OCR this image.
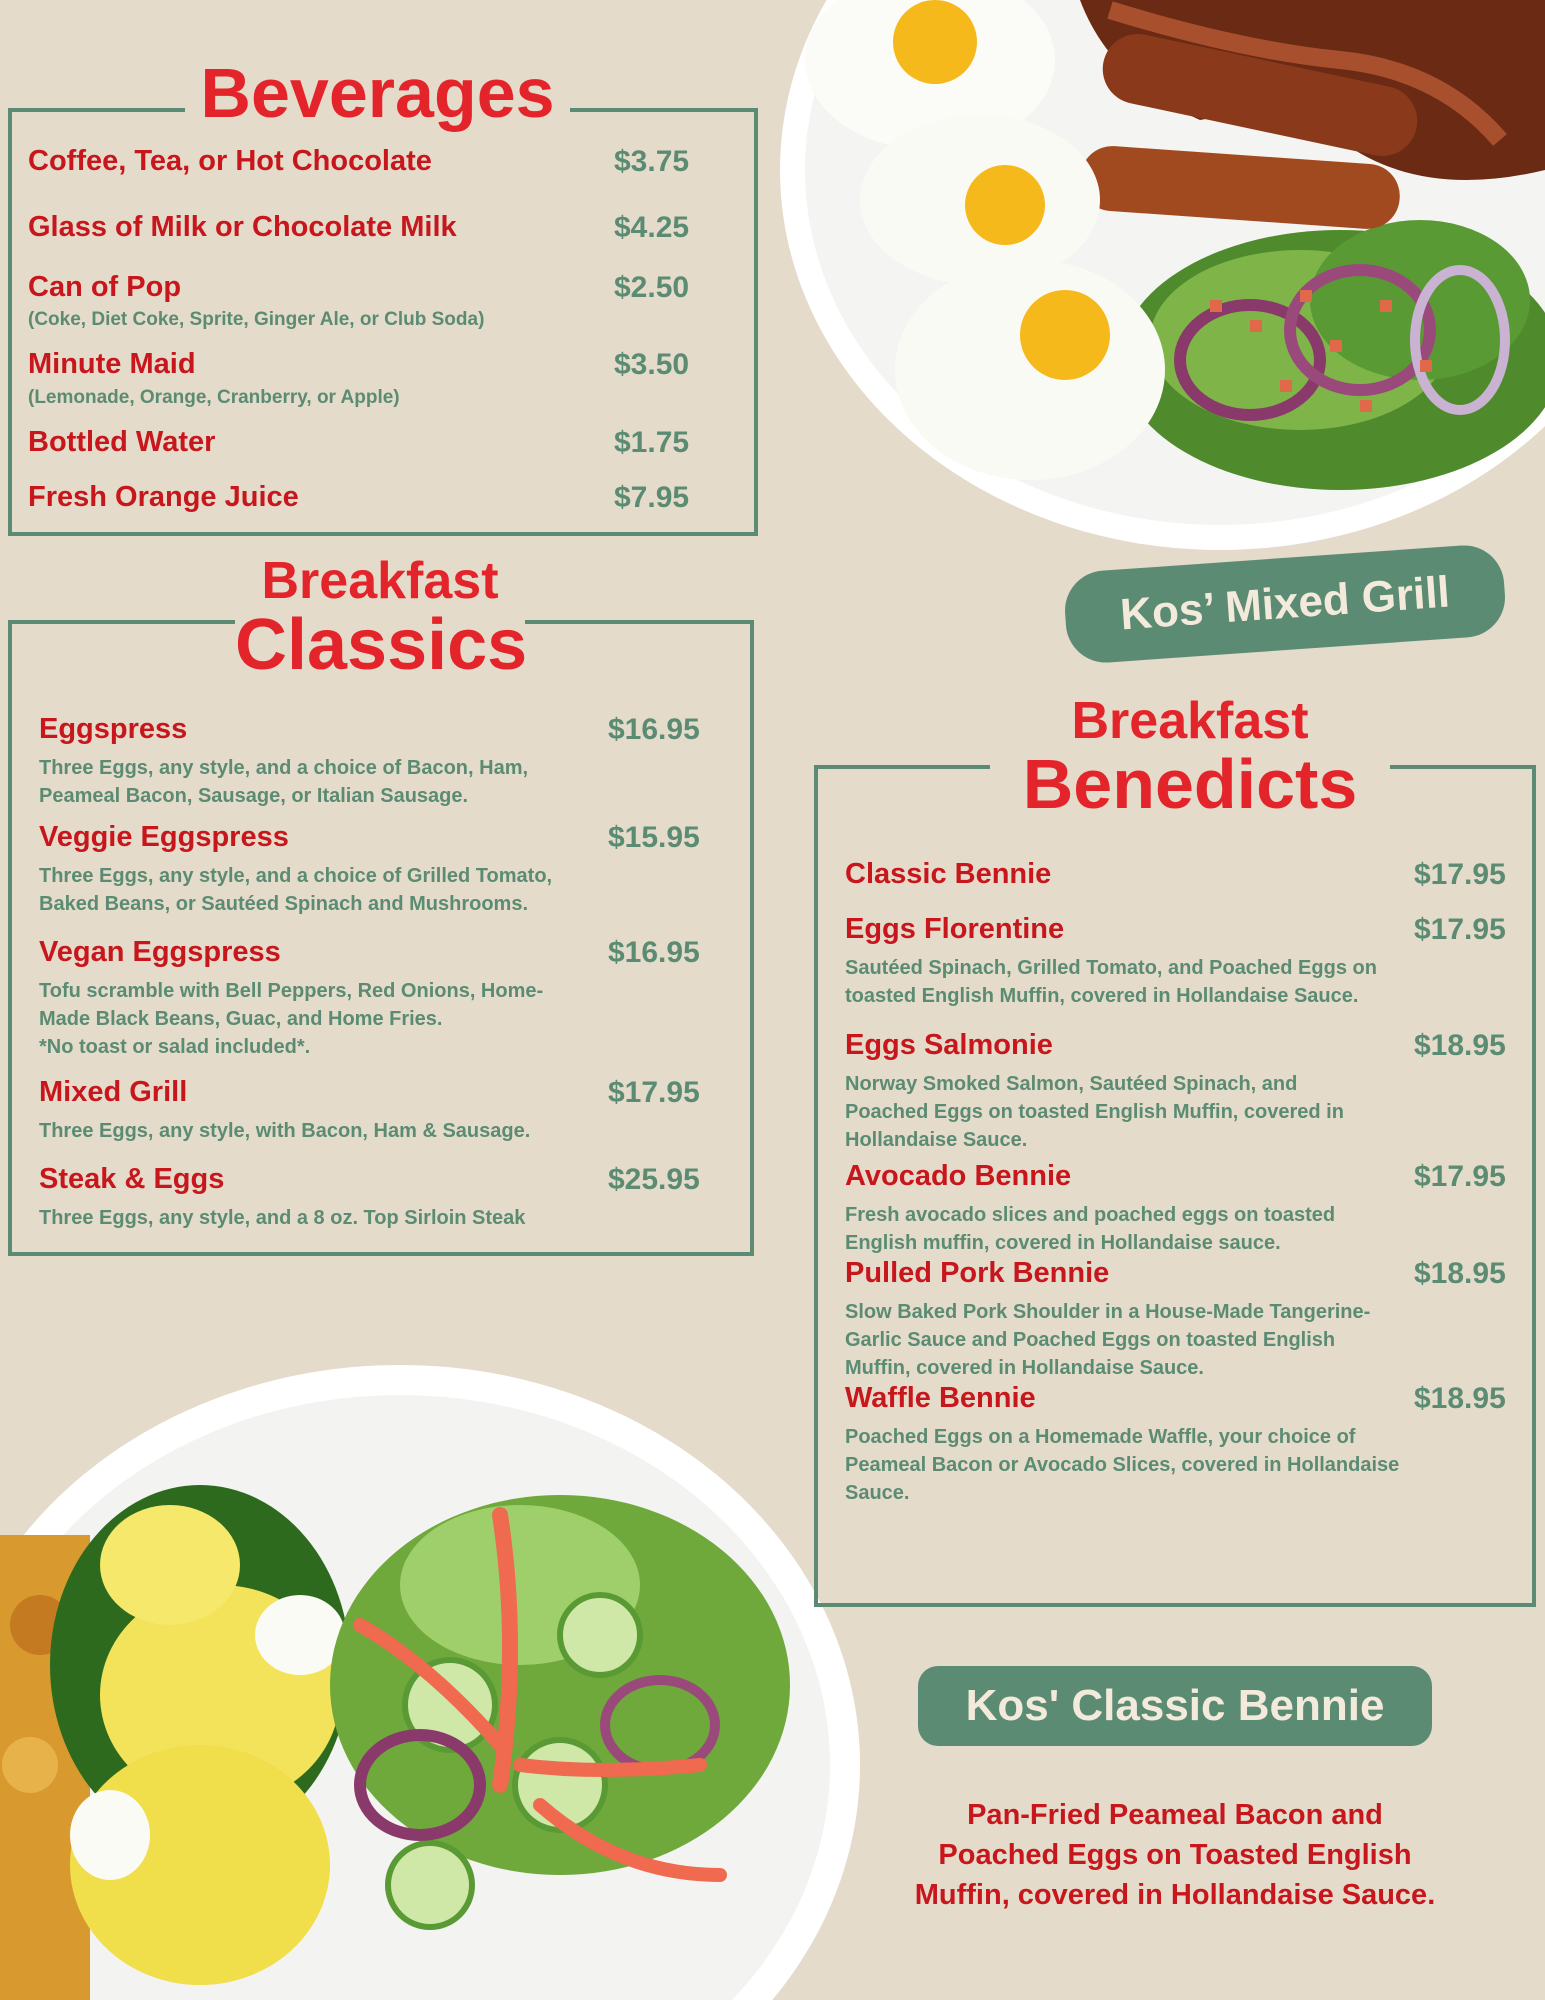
Beverages
Coffee, Tea, or Hot Chocolate	$3.75
Glass of Milk or Chocolate Milk	$4.25
Can of Pop	$2.50
(Coke, Diet Coke, Sprite, Ginger Ale, or Club Soda)
Minute Maid	$3.50
(Lemonade, Orange, Cranberry, or Apple)
Bottled Water	$1.75
Fresh Orange Juice	$7.95
Breakfast
Classics
Eggspress	$16.95
Three Eggs, any style, and a choice of Bacon, Ham,
Peameal Bacon, Sausage, or Italian Sausage.
Veggie Eggspress	$15.95
Three Eggs, any style, and a choice of Grilled Tomato,
Baked Beans, or Sautéed Spinach and Mushrooms.
Vegan Eggspress	$16.95
Tofu scramble with Bell Peppers, Red Onions, Home-
Made Black Beans, Guac, and Home Fries.
*No toast or salad included*.
Mixed Grill	$17.95
Three Eggs, any style, with Bacon, Ham & Sausage.
Steak & Eggs	$25.95
Three Eggs, any style, and a 8 oz. Top Sirloin Steak
Breakfast
Benedicts
Classic Bennie	$17.95
Eggs Florentine	$17.95
Sautéed Spinach, Grilled Tomato, and Poached Eggs on
toasted English Muffin, covered in Hollandaise Sauce.
Eggs Salmonie	$18.95
Norway Smoked Salmon, Sautéed Spinach, and
Poached Eggs on toasted English Muffin, covered in
Hollandaise Sauce.
Avocado Bennie	$17.95
Fresh avocado slices and poached eggs on toasted
English muffin, covered in Hollandaise sauce.
Pulled Pork Bennie	$18.95
Slow Baked Pork Shoulder in a House-Made Tangerine-
Garlic Sauce and Poached Eggs on toasted English
Muffin, covered in Hollandaise Sauce.
Waffle Bennie	$18.95
Poached Eggs on a Homemade Waffle, your choice of
Peameal Bacon or Avocado Slices, covered in Hollandaise
Sauce.
Kos’ Mixed Grill
Kos' Classic Bennie
Pan-Fried Peameal Bacon and
Poached Eggs on Toasted English
Muffin, covered in Hollandaise Sauce.
